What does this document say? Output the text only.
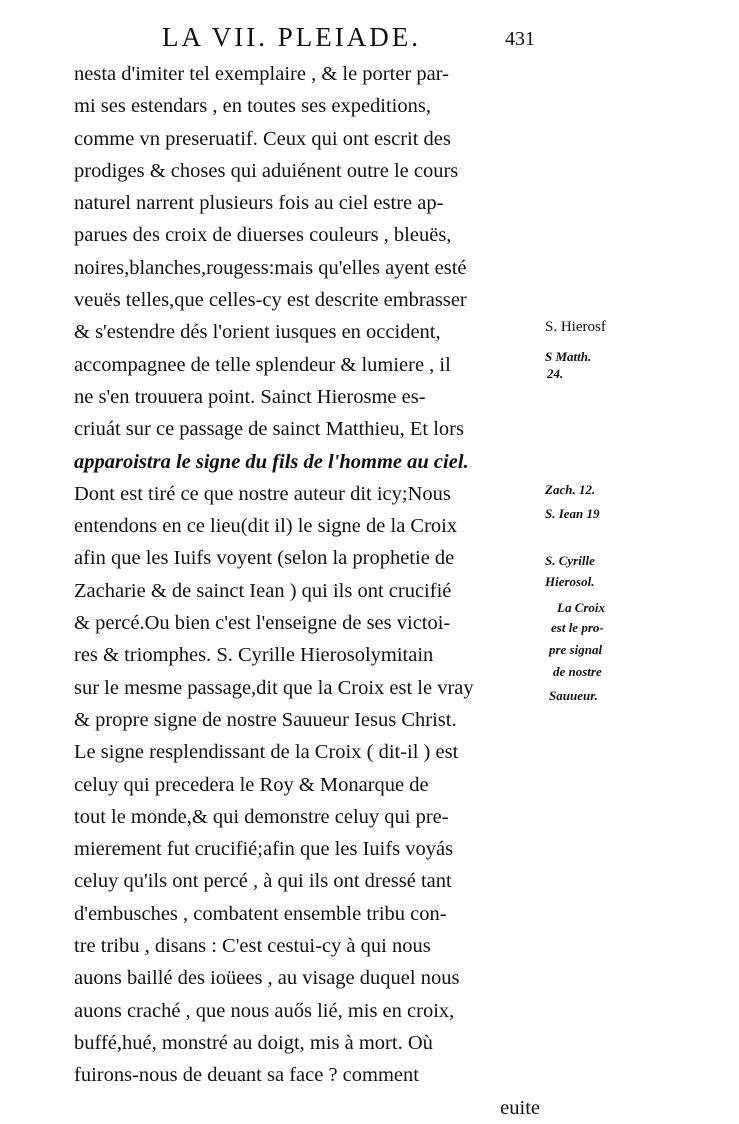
LA VII. PLEIADE.	431
nesta d'imiter tel exemplaire , & le porter par-
mi ses estendars , en toutes ses expeditions,
comme vn preseruatif. Ceux qui ont escrit des
prodiges & choses qui aduiénent outre le cours
naturel narrent plusieurs fois au ciel estre ap-
parues des croix de diuerses couleurs , bleuës,
noires,blanches,rougess:mais qu'elles ayent esté
veuës telles,que celles-cy est descrite embrasser
& s'estendre dés l'orient iusques en occident,
accompagnee de telle splendeur & lumiere , il
ne s'en trouuera point. Sainct Hierosme es-
criuát sur ce passage de sainct Matthieu, Et lors
apparoistra le signe du fils de l'homme au ciel.
Dont est tiré ce que nostre auteur dit icy;Nous
entendons en ce lieu(dit il) le signe de la Croix
afin que les Iuifs voyent (selon la prophetie de
Zacharie & de sainct Iean ) qui ils ont crucifié
& percé.Ou bien c'est l'enseigne de ses victoi-
res & triomphes. S. Cyrille Hierosolymitain
sur le mesme passage,dit que la Croix est le vray
& propre signe de nostre Sauueur Iesus Christ.
Le signe resplendissant de la Croix ( dit-il ) est
celuy qui precedera le Roy & Monarque de
tout le monde,& qui demonstre celuy qui pre-
mierement fut crucifié;afin que les Iuifs voyás
celuy qu'ils ont percé , à qui ils ont dressé tant
d'embusches , combatent ensemble tribu con-
tre tribu , disans : C'est cestui-cy à qui nous
auons baillé des ioüees , au visage duquel nous
auons craché , que nous auős lié, mis en croix,
buffé,hué, monstré au doigt, mis à mort. Où
fuirons-nous de deuant sa face ? comment
euite
S. Hierosf
S Matth.
24.
Zach. 12.
S. Iean 19
S. Cyrille
Hierosol.
La Croix
est le pro-
pre signal
de nostre
Sauueur.
